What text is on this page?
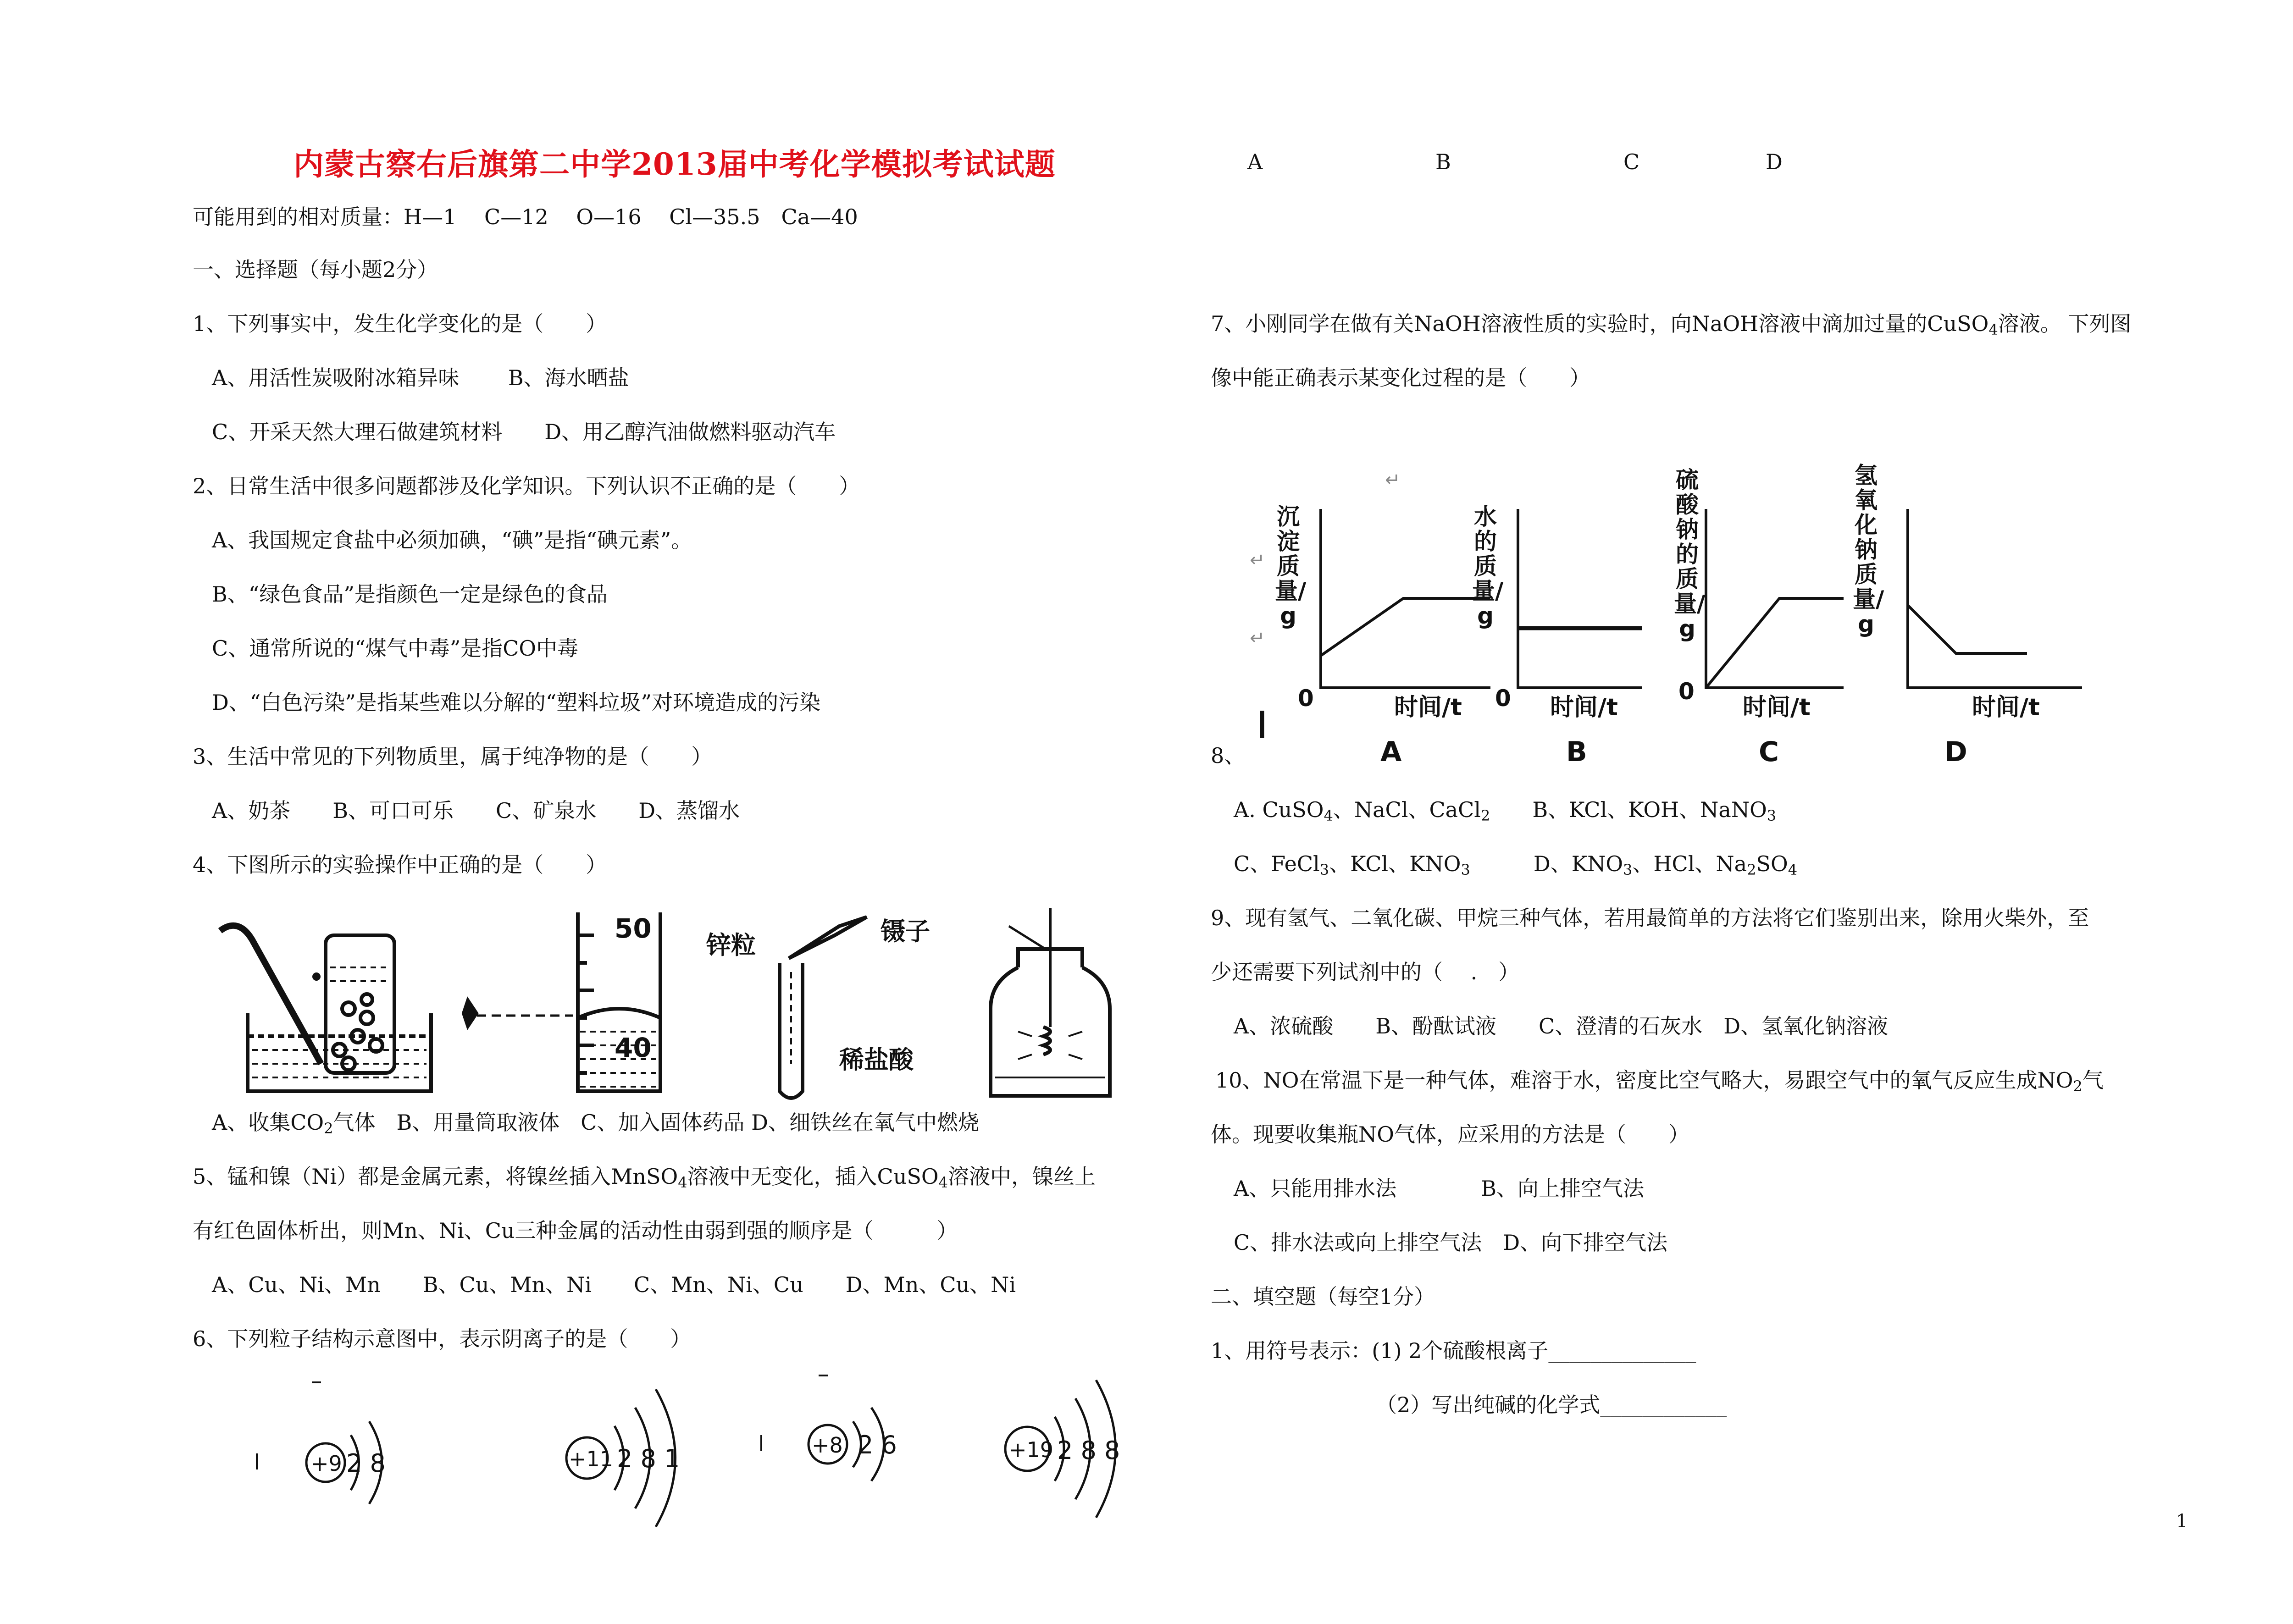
内蒙古察右后旗第二中学2013届中考化学模拟考试试题
可能用到的相对质量：H—1　 C—12　 O—16　 Cl—35.5　Ca—40
一、选择题（每小题2分）
1、下列事实中，发生化学变化的是（　　）
A、用活性炭吸附冰箱异味　　 B、海水晒盐
C、开采天然大理石做建筑材料　　D、用乙醇汽油做燃料驱动汽车
2、日常生活中很多问题都涉及化学知识。下列认识不正确的是（　　）
A、我国规定食盐中必须加碘，“碘”是指“碘元素”。
B、“绿色食品”是指颜色一定是绿色的食品
C、通常所说的“煤气中毒”是指CO中毒
D、“白色污染”是指某些难以分解的“塑料垃圾”对环境造成的污染
3、生活中常见的下列物质里，属于纯净物的是（　　）
A、奶茶　　B、可口可乐　　C、矿泉水　　D、蒸馏水
4、下图所示的实验操作中正确的是（　　）
50
40
锌粒	镊子
稀盐酸
A、收集$CO_2$气体　B、用量筒取液体　C、加入固体药品 D、细铁丝在氧气中燃烧
5、锰和镍（Ni）都是金属元素，将镍丝插入MnSO$_4$溶液中无变化，插入CuSO$_4$溶液中，镍丝上
有红色固体析出，则Mn、Ni、Cu三种金属的活动性由弱到强的顺序是（　　　）
A、Cu、Ni、Mn　　B、Cu、Mn、Ni　　C、Mn、Ni、Cu　　D、Mn、Cu、Ni
6、下列粒子结构示意图中，表示阴离子的是（　　）
+9 2 8	+11 2 8 1	+8 2 6	+19 2 8 8
A	B	C	D
7、小刚同学在做有关NaOH溶液性质的实验时，向NaOH溶液中滴加过量的CuSO$_4$溶液。 下列图
像中能正确表示某变化过程的是（　　）
↵
↵
↵
0	时间/t
A
0 时间/t
B
0
时间/t
C
时间/t
D
沉淀质量/g
水的质量/g
硫酸钠的质量/g
氢氧化钠质量/g
8、
A. CuSO$_4$、NaCl、CaCl$_2$　　B、KCl、KOH、NaNO$_3$
C、FeCl$_3$、KCl、$KNO_3$　　　D、$KNO_3$、HCl、$Na_2SO_4$
9、现有氢气、二氧化碳、甲烷三种气体，若用最简单的方法将它们鉴别出来，除用火柴外，至
少还需要下列试剂中的（　 .　）
A、浓硫酸　　B、酚酞试液　　C、澄清的石灰水　D、氢氧化钠溶液
10、NO在常温下是一种气体，难溶于水，密度比空气略大，易跟空气中的氧气反应生成$NO_2$气
体。现要收集瓶NO气体，应采用的方法是（　　）
A、只能用排水法　　　　B、向上排空气法
C、排水法或向上排空气法　D、向下排空气法
二、填空题（每空1分）
1、用符号表示：(1) 2个硫酸根离子______________
（2）写出纯碱的化学式____________
1
